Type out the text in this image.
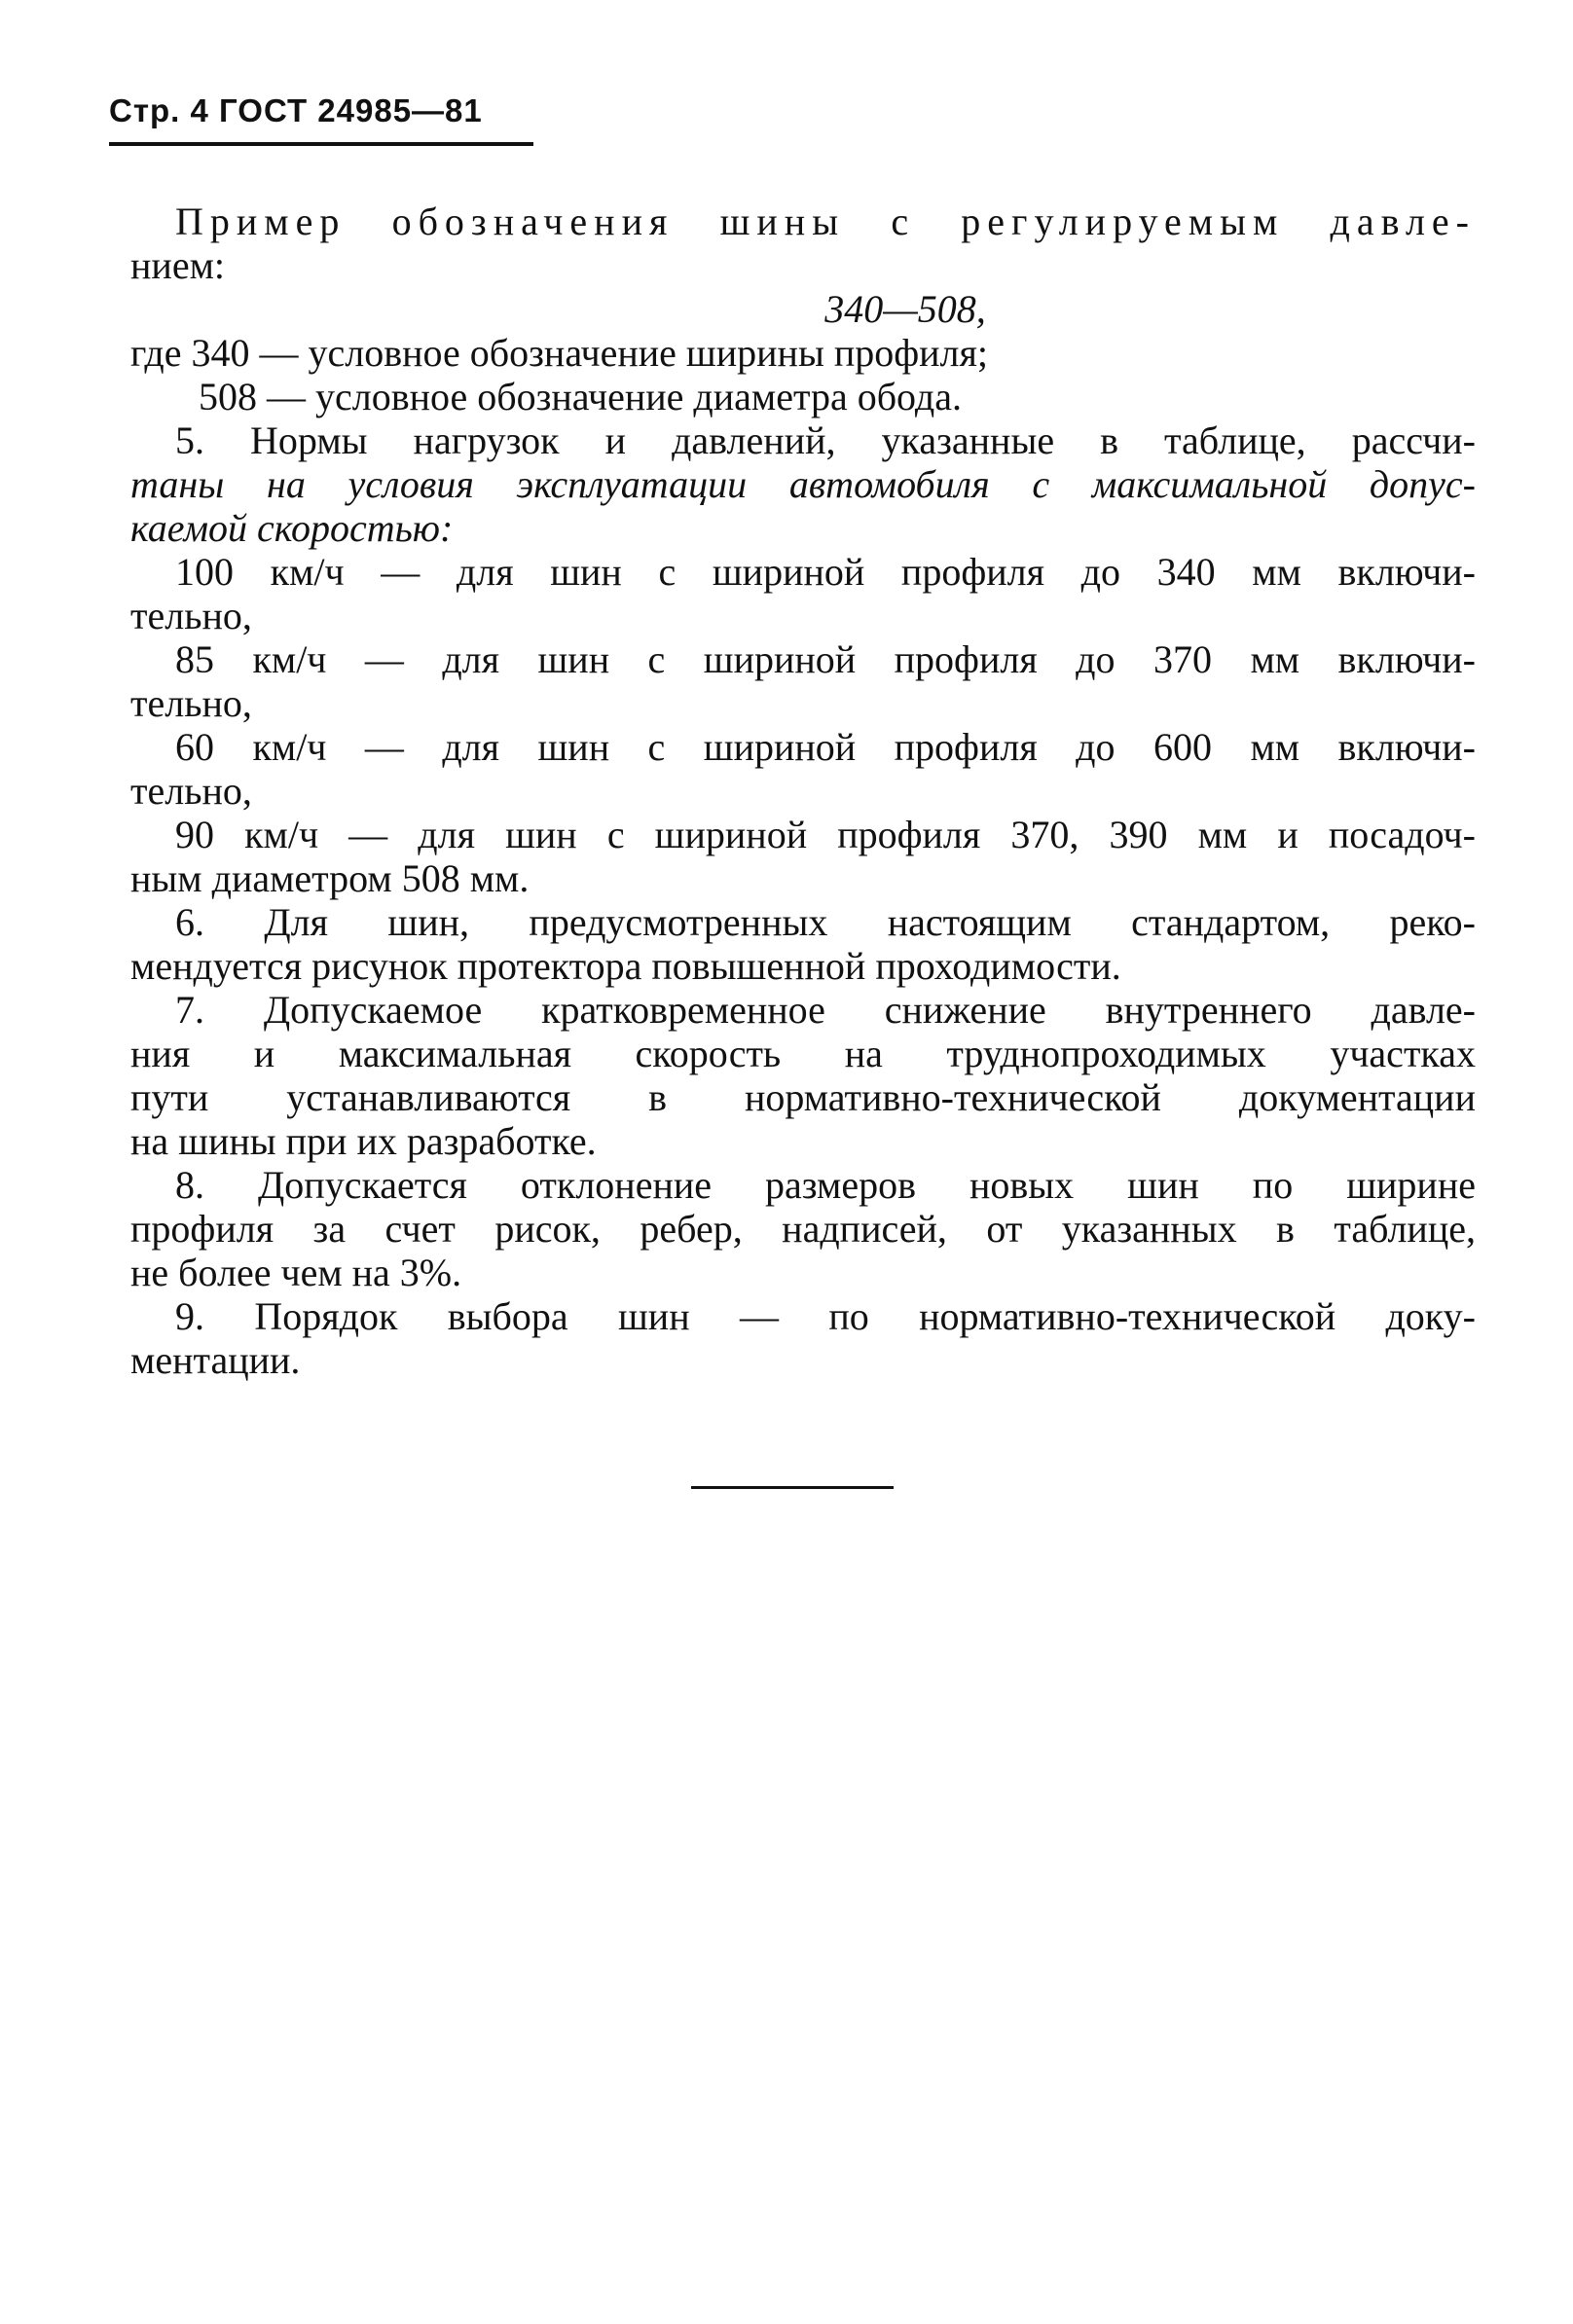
Стр. 4 ГОСТ 24985—81
Пример обозначения шины с регулируемым давле-
нием:
340—508,
где 340 — условное обозначение ширины профиля;
508 — условное обозначение диаметра обода.
5. Нормы нагрузок и давлений, указанные в таблице, рассчи-
таны на условия эксплуатации автомобиля с максимальной допус-
каемой скоростью:
100 км/ч — для шин с шириной профиля до 340 мм включи-
тельно,
85 км/ч — для шин с шириной профиля до 370 мм включи-
тельно,
60 км/ч — для шин с шириной профиля до 600 мм включи-
тельно,
90 км/ч — для шин с шириной профиля 370, 390 мм и посадоч-
ным диаметром 508 мм.
6. Для шин, предусмотренных настоящим стандартом, реко-
мендуется рисунок протектора повышенной проходимости.
7. Допускаемое кратковременное снижение внутреннего давле-
ния и максимальная скорость на труднопроходимых участках
пути устанавливаются в нормативно-технической документации
на шины при их разработке.
8. Допускается отклонение размеров новых шин по ширине
профиля за счет рисок, ребер, надписей, от указанных в таблице,
не более чем на 3%.
9. Порядок выбора шин — по нормативно-технической доку-
ментации.
